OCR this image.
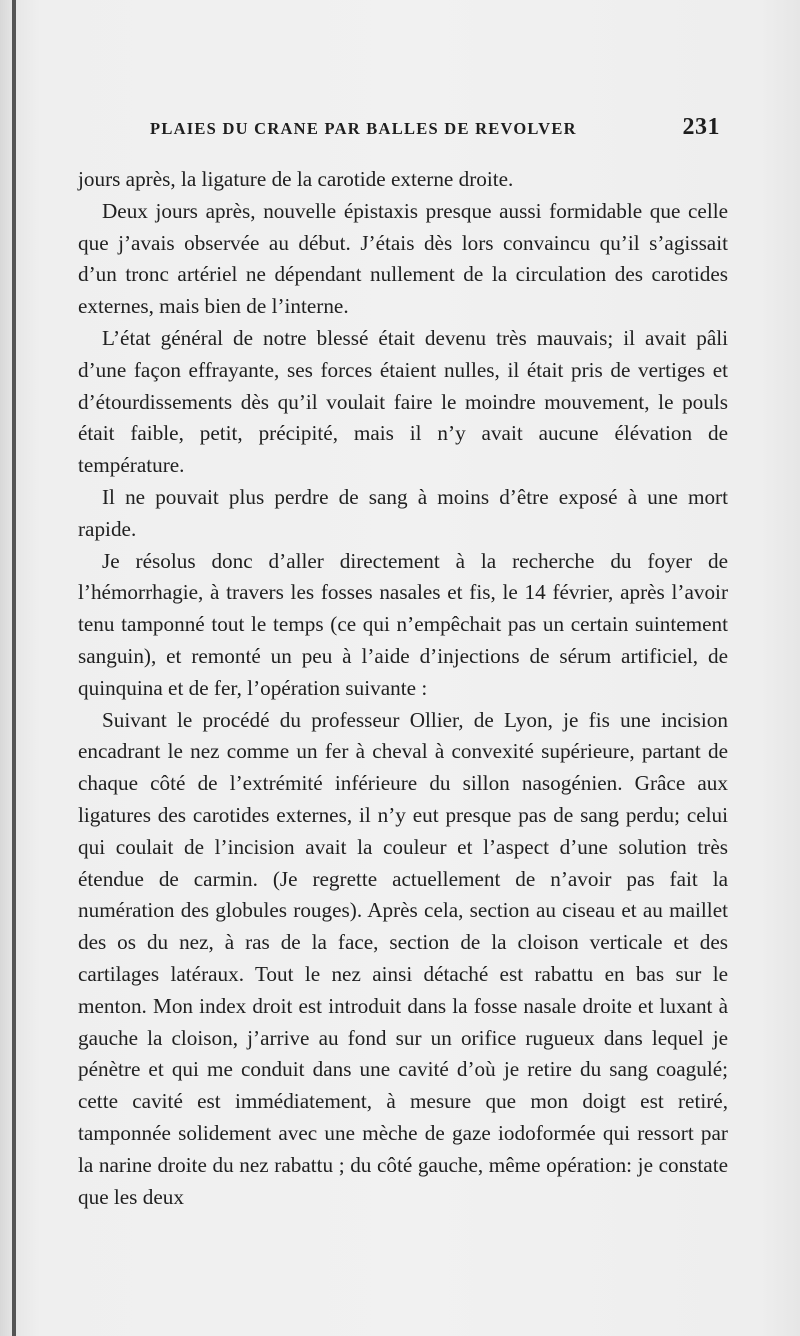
PLAIES DU CRANE PAR BALLES DE REVOLVER	231

jours après, la ligature de la carotide externe droite.

Deux jours après, nouvelle épistaxis presque aussi formidable que celle que j’avais observée au début. J’étais dès lors convaincu qu’il s’agissait d’un tronc artériel ne dépendant nullement de la circulation des carotides externes, mais bien de l’interne.

L’état général de notre blessé était devenu très mauvais; il avait pâli d’une façon effrayante, ses forces étaient nulles, il était pris de vertiges et d’étourdissements dès qu’il voulait faire le moindre mouvement, le pouls était faible, petit, précipité, mais il n’y avait aucune élévation de température.

Il ne pouvait plus perdre de sang à moins d’être exposé à une mort rapide.

Je résolus donc d’aller directement à la recherche du foyer de l’hémorrhagie, à travers les fosses nasales et fis, le 14 février, après l’avoir tenu tamponné tout le temps (ce qui n’empêchait pas un certain suintement sanguin), et remonté un peu à l’aide d’injections de sérum artificiel, de quinquina et de fer, l’opération suivante :

Suivant le procédé du professeur Ollier, de Lyon, je fis une incision encadrant le nez comme un fer à cheval à convexité supérieure, partant de chaque côté de l’extrémité inférieure du sillon nasogénien. Grâce aux ligatures des carotides externes, il n’y eut presque pas de sang perdu; celui qui coulait de l’incision avait la couleur et l’aspect d’une solution très étendue de carmin. (Je regrette actuellement de n’avoir pas fait la numération des globules rouges). Après cela, section au ciseau et au maillet des os du nez, à ras de la face, section de la cloison verticale et des cartilages latéraux. Tout le nez ainsi détaché est rabattu en bas sur le menton. Mon index droit est introduit dans la fosse nasale droite et luxant à gauche la cloison, j’arrive au fond sur un orifice rugueux dans lequel je pénètre et qui me conduit dans une cavité d’où je retire du sang coagulé; cette cavité est immédiatement, à mesure que mon doigt est retiré, tamponnée solidement avec une mèche de gaze iodoformée qui ressort par la narine droite du nez rabattu ; du côté gauche, même opération: je constate que les deux
